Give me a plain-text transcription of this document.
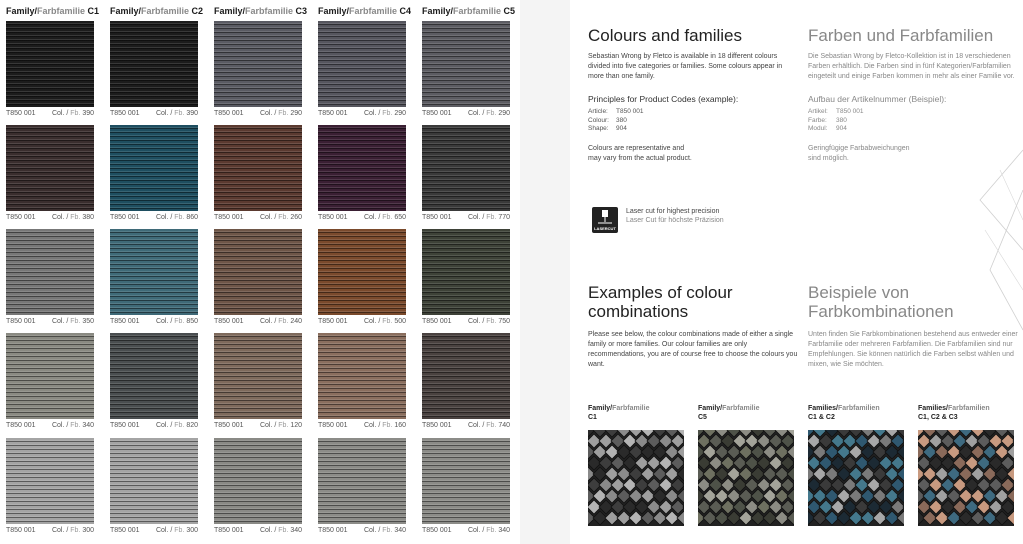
Family/Farbfamilie C1 Family/Farbfamilie C2 Family/Farbfamilie C3 Family/Farbfamilie C4 Family/Farbfamilie C5
T850 001	Col. / Fb. 390 T850 001	Col. / Fb. 390 T850 001	Col. / Fb. 290 T850 001	Col. / Fb. 290 T850 001	Col. / Fb. 290
T850 001	Col. / Fb. 380 T850 001	Col. / Fb. 860 T850 001	Col. / Fb. 260 T850 001	Col. / Fb. 650 T850 001	Col. / Fb. 770
T850 001	Col. / Fb. 350 T850 001	Col. / Fb. 850 T850 001	Col. / Fb. 240 T850 001	Col. / Fb. 500 T850 001	Col. / Fb. 750
T850 001	Col. / Fb. 340 T850 001	Col. / Fb. 820 T850 001	Col. / Fb. 120 T850 001	Col. / Fb. 160 T850 001	Col. / Fb. 740
T850 001	Col. / Fb. 300 T850 001	Col. / Fb. 300 T850 001	Col. / Fb. 340 T850 001	Col. / Fb. 340 T850 001	Col. / Fb. 340
Colours and families	Farben und Farbfamilien
Sebastian Wrong by Fletco is available in 18 different colours divided into five categories or families. Some colours appear in more than one family.
Die Sebastian Wrong by Fletco-Kollektion ist in 18 verschiedenen Farben erhältlich. Die Farben sind in fünf Kategorien/Farbfamilien eingeteilt und einige Farben kommen in mehr als einer Familie vor.
Principles for Product Codes (example):	Aufbau der Artikelnummer (Beispiel):
Article: T850 001
Colour: 380
Shape: 904
Artikel: T850 001
Farbe: 380
Modul: 904
Colours are representative and may vary from the actual product.
Geringfügige Farbabweichungen sind möglich.
LASERCUT
Laser cut for highest precision
Laser Cut für höchste Präzision
Examples of colour combinations
Beispiele von Farbkombinationen
Please see below, the colour combinations made of either a single family or more families. Our colour families are only recommendations, you are of course free to choose the colours you want.
Unten finden Sie Farbkombinationen bestehend aus entweder einer Farbfamilie oder mehreren Farbfamilien. Die Farbfamilien sind nur Empfehlungen. Sie können natürlich die Farben selbst wählen und mixen, wie Sie möchten.
Family/Farbfamilie
C1
Family/Farbfamilie
C5
Families/Farbfamilien
C1 & C2
Families/Farbfamilien
C1, C2 & C3
